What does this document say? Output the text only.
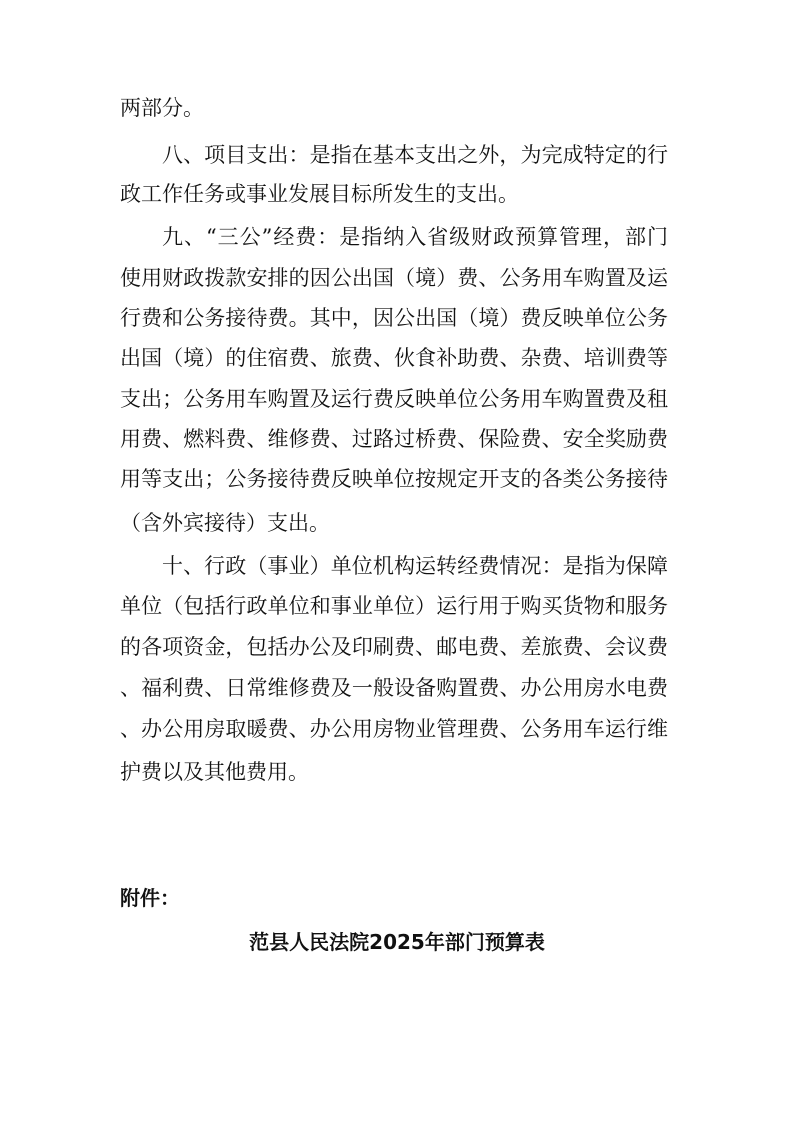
两部分。
八、项目支出：是指在基本支出之外，为完成特定的行
政工作任务或事业发展目标所发生的支出。
九、“三公”经费：是指纳入省级财政预算管理，部门
使用财政拨款安排的因公出国（境）费、公务用车购置及运
行费和公务接待费。其中，因公出国（境）费反映单位公务
出国（境）的住宿费、旅费、伙食补助费、杂费、培训费等
支出；公务用车购置及运行费反映单位公务用车购置费及租
用费、燃料费、维修费、过路过桥费、保险费、安全奖励费
用等支出；公务接待费反映单位按规定开支的各类公务接待
（含外宾接待）支出。
十、行政（事业）单位机构运转经费情况：是指为保障
单位（包括行政单位和事业单位）运行用于购买货物和服务
的各项资金，包括办公及印刷费、邮电费、差旅费、会议费
、福利费、日常维修费及一般设备购置费、办公用房水电费
、办公用房取暖费、办公用房物业管理费、公务用车运行维
护费以及其他费用。
附件：
范县人民法院2025年部门预算表
